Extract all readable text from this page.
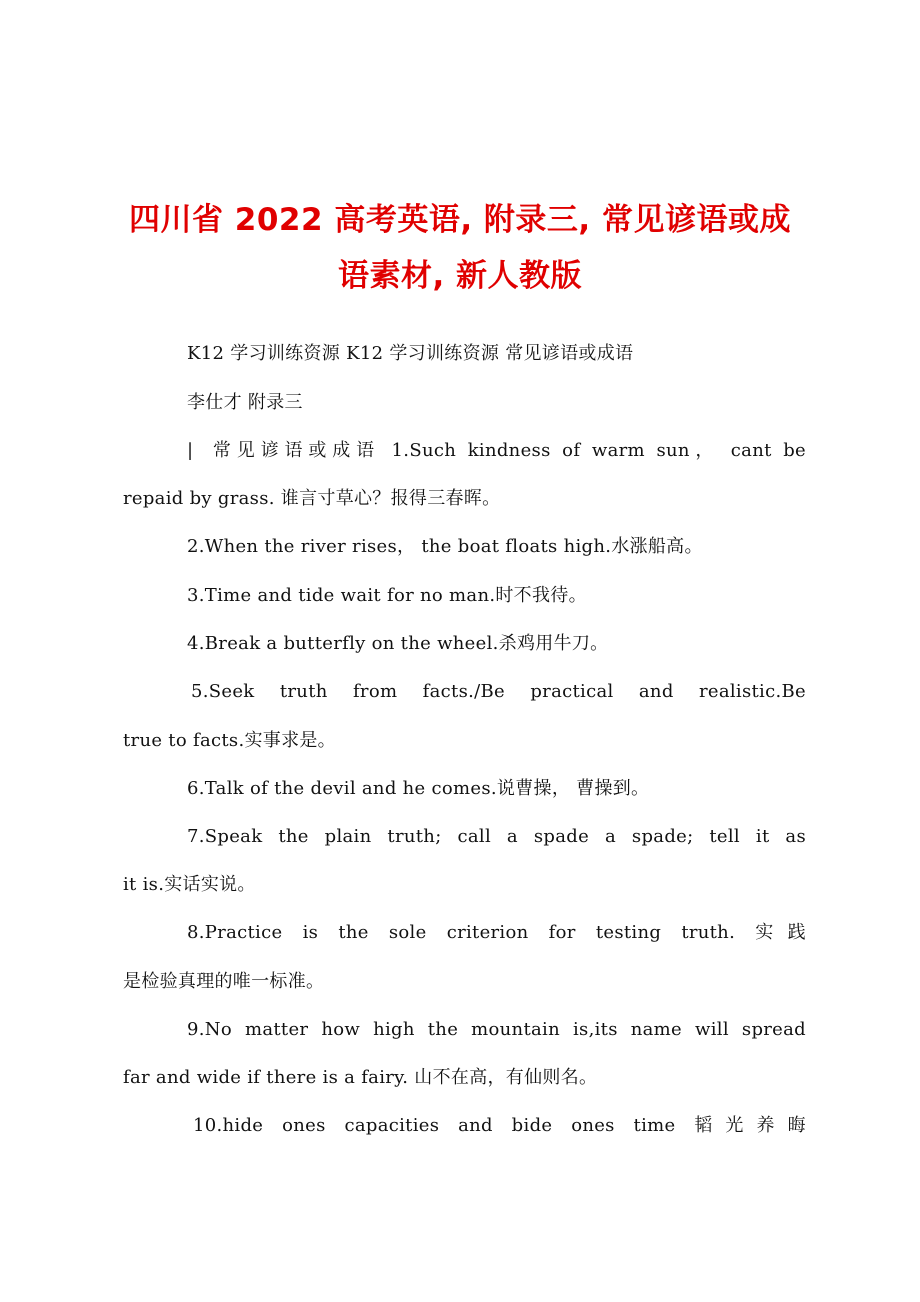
四川省 2022 高考英语, 附录三, 常见谚语或成
语素材, 新人教版
K12 学习训练资源 K12 学习训练资源 常见谚语或成语
李仕才 附录三
| 常见谚语或成语 1.Such kindness of warm sun， cant be
repaid by grass. 谁言寸草心？报得三春晖。
2.When the river rises， the boat floats high.水涨船高。
3.Time and tide wait for no man.时不我待。
4.Break a butterfly on the wheel.杀鸡用牛刀。
5.Seek truth from facts./Be practical and realistic.Be
true to facts.实事求是。
6.Talk of the devil and he comes.说曹操， 曹操到。
7.Speak the plain truth; call a spade a spade; tell it as
it is.实话实说。
8.Practice is the sole criterion for testing truth. 实践
是检验真理的唯一标准。
9.No matter how high the mountain is,its name will spread
far and wide if there is a fairy. 山不在高，有仙则名。
10.hide ones capacities and bide ones time 韬光养晦
